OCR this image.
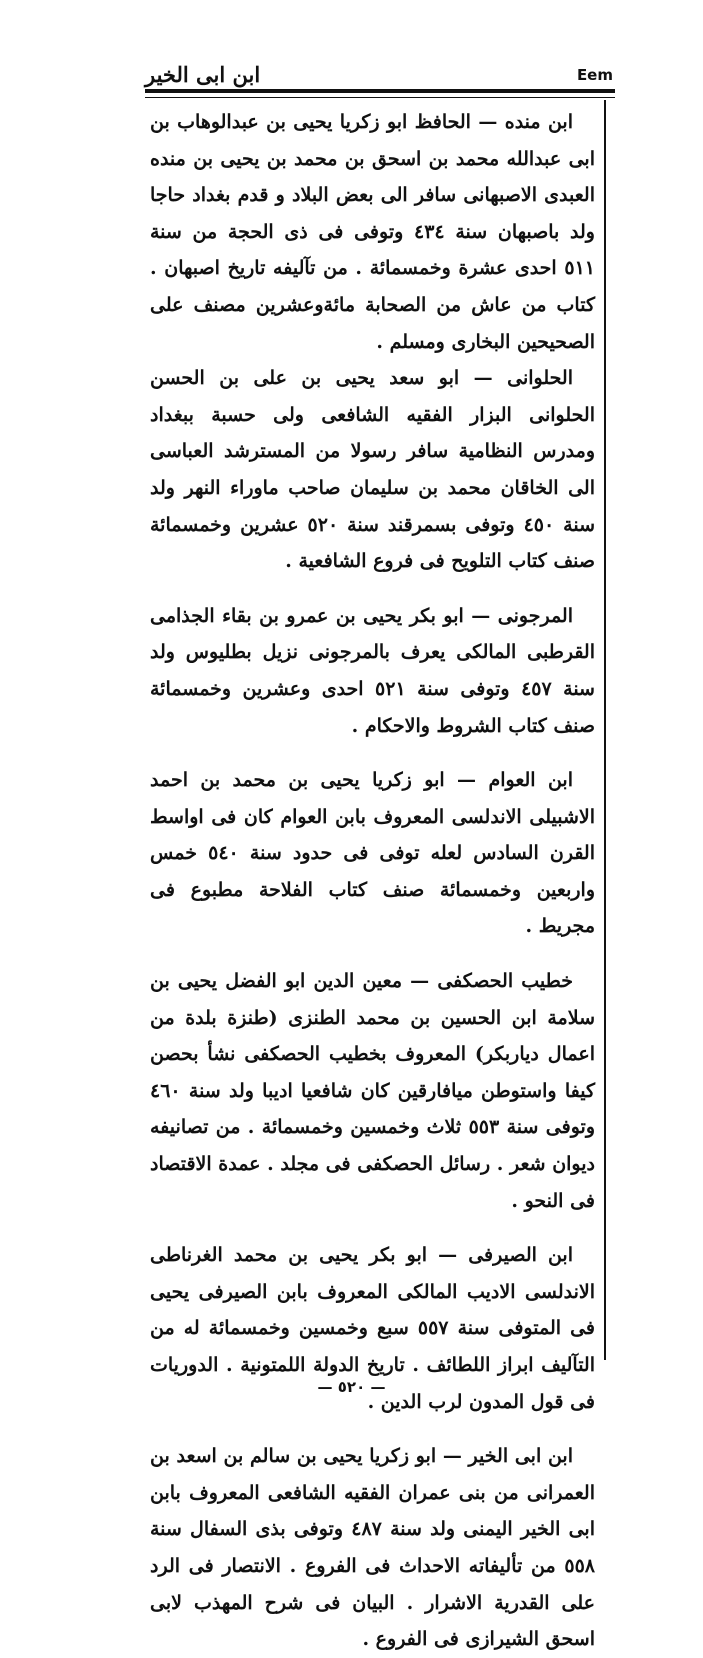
ابن ابی الخیر	Eem

ابن منده — الحافظ ابو زکریا یحیی بن عبدالوهاب بن ابی عبدالله محمد بن اسحق بن محمد بن یحیی بن منده العبدی الاصبهانی سافر الی بعض البلاد و قدم بغداد حاجا ولد باصبهان سنة ٤٣٤ وتوفی فی ذی الحجة من سنة ٥١١ احدی عشرة وخمسمائة . من تآلیفه تاریخ اصبهان . کتاب من عاش من الصحابة مائةوعشرین مصنف علی الصحیحین البخاری ومسلم .

الحلوانی — ابو سعد یحیی بن علی بن الحسن الحلوانی البزار الفقیه الشافعی ولی حسبة ببغداد ومدرس النظامیة سافر رسولا من المسترشد العباسی الی الخاقان محمد بن سلیمان صاحب ماوراء النهر ولد سنة ٤٥٠ وتوفی بسمرقند سنة ٥٢٠ عشرین وخمسمائة صنف کتاب التلویح فی فروع الشافعیة .

المرجونی — ابو بکر یحیی بن عمرو بن بقاء الجذامی القرطبی المالکی یعرف بالمرجونی نزیل بطلیوس ولد سنة ٤٥٧ وتوفی سنة ٥٢١ احدی وعشرین وخمسمائة صنف کتاب الشروط والاحکام .

ابن العوام — ابو زکریا یحیی بن محمد بن احمد الاشبیلی الاندلسی المعروف بابن العوام کان فی اواسط القرن السادس لعله توفی فی حدود سنة ٥٤٠ خمس واربعین وخمسمائة صنف کتاب الفلاحة مطبوع فی مجریط .

خطیب الحصکفی — معین الدین ابو الفضل یحیی بن سلامة ابن الحسین بن محمد الطنزی (طنزة بلدة من اعمال دیاربکر) المعروف بخطیب الحصکفی نشأ بحصن کیفا واستوطن میافارقین کان شافعیا ادیبا ولد سنة ٤٦٠ وتوفی سنة ٥٥٣ ثلاث وخمسین وخمسمائة . من تصانیفه دیوان شعر . رسائل الحصکفی فی مجلد . عمدة الاقتصاد فی النحو .

ابن الصیرفی — ابو بکر یحیی بن محمد الغرناطی الاندلسی الادیب المالکی المعروف بابن الصیرفی یحیی فی المتوفی سنة ٥٥٧ سبع وخمسین وخمسمائة له من التآلیف ابراز اللطائف . تاریخ الدولة اللمتونیة . الدوریات فی قول المدون لرب الدین .

ابن ابی الخیر — ابو زکریا یحیی بن سالم بن اسعد بن العمرانی من بنی عمران الفقیه الشافعی المعروف بابن ابی الخیر الیمنی ولد سنة ٤٨٧ وتوفی بذی السفال سنة ٥٥٨ من تألیفاته الاحداث فی الفروع . الانتصار فی الرد علی القدریة الاشرار . البیان فی شرح المهذب لابی اسحق الشیرازی فی الفروع .

— ٥٢٠ —
